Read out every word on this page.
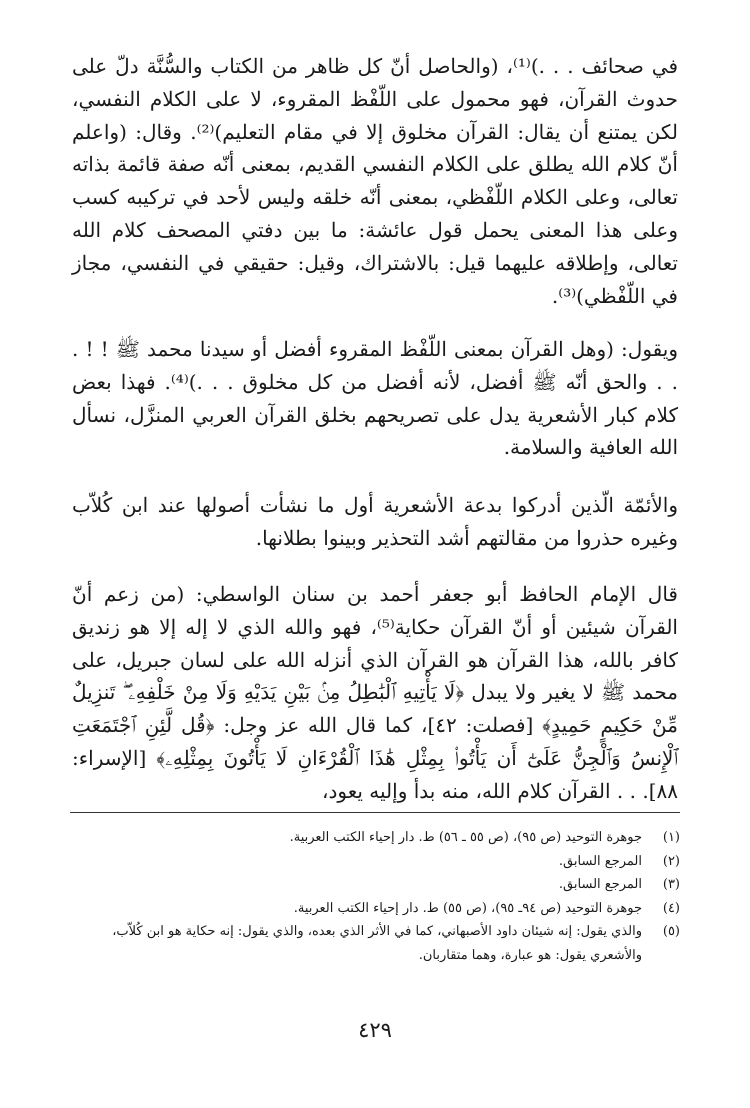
في صحائف . . .)⁽¹⁾، (والحاصل أنّ كل ظاهر من الكتاب والسُّنَّة دلّ على حدوث القرآن، فهو محمول على اللّفْظ المقروء، لا على الكلام النفسي، لكن يمتنع أن يقال: القرآن مخلوق إلا في مقام التعليم)⁽²⁾. وقال: (واعلم أنّ كلام الله يطلق على الكلام النفسي القديم، بمعنى أنّه صفة قائمة بذاته تعالى، وعلى الكلام اللّفْظي، بمعنى أنّه خلقه وليس لأحد في تركيبه كسب وعلى هذا المعنى يحمل قول عائشة: ما بين دفتي المصحف كلام الله تعالى، وإطلاقه عليهما قيل: بالاشتراك، وقيل: حقيقي في النفسي، مجاز في اللّفْظي)⁽³⁾.

ويقول: (وهل القرآن بمعنى اللّفْظ المقروء أفضل أو سيدنا محمد ﷺ ! ! . . . والحق أنّه ﷺ أفضل، لأنه أفضل من كل مخلوق . . .)⁽⁴⁾. فهذا بعض كلام كبار الأشعرية يدل على تصريحهم بخلق القرآن العربي المنزَّل، نسأل الله العافية والسلامة.

والأئمّة الّذين أدركوا بدعة الأشعرية أول ما نشأت أصولها عند ابن كُلاّب وغيره حذروا من مقالتهم أشد التحذير وبينوا بطلانها.

قال الإمام الحافظ أبو جعفر أحمد بن سنان الواسطي: (من زعم أنّ القرآن شيئين أو أنّ القرآن حكاية⁽⁵⁾، فهو والله الذي لا إله إلا هو زنديق كافر بالله، هذا القرآن هو القرآن الذي أنزله الله على لسان جبريل، على محمد ﷺ لا يغير ولا يبدل ﴿لَا يَأْتِيهِ ٱلْبَٰطِلُ مِنۢ بَيْنِ يَدَيْهِ وَلَا مِنْ خَلْفِهِۦ ۖ تَنزِيلٌ مِّنْ حَكِيمٍ حَمِيدٍ﴾ [فصلت: ٤٢]، كما قال الله عز وجل: ﴿قُل لَّئِنِ ٱجْتَمَعَتِ ٱلْإِنسُ وَٱلْجِنُّ عَلَىٰٓ أَن يَأْتُوا۟ بِمِثْلِ هَٰذَا ٱلْقُرْءَانِ لَا يَأْتُونَ بِمِثْلِهِۦ﴾ [الإسراء: ٨٨]. . . القرآن كلام الله، منه بدأ وإليه يعود،

(١)
جوهرة التوحيد (ص ٩٥)، (ص ٥٥ ـ ٥٦) ط. دار إحياء الكتب العربية.
(٢)
المرجع السابق.
(٣)
المرجع السابق.
(٤)
جوهرة التوحيد (ص ٩٤ـ ٩٥)، (ص ٥٥) ط. دار إحياء الكتب العربية.
(٥)
والذي يقول: إنه شيئان داود الأصبهاني، كما في الأثر الذي بعده، والذي يقول: إنه حكاية هو ابن كُلاّب، والأشعري يقول: هو عبارة، وهما متقاربان.
٤٢٩
